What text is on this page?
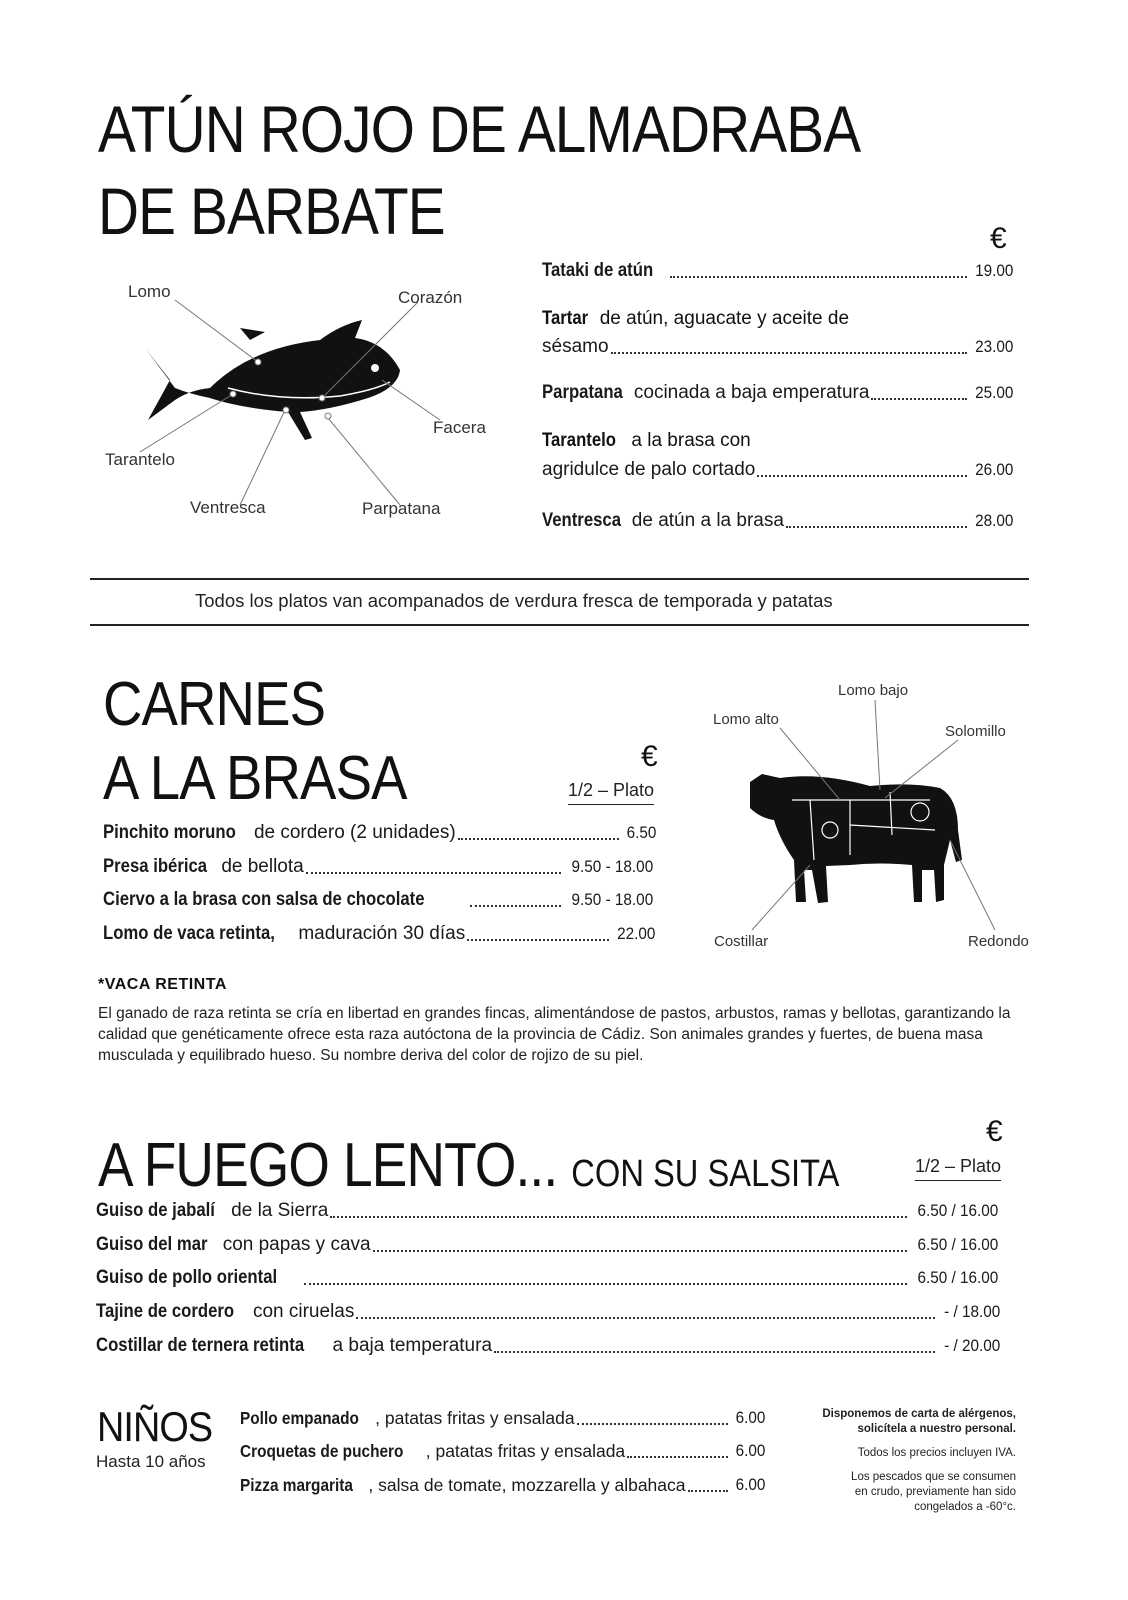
ATÚN ROJO DE ALMADRABA
DE BARBATE
Lomo	Corazón
Facera
Tarantelo
Ventresca	Parpatana
€
Tataki de atún	19.00
Tartar de atún, aguacate y aceite de
sésamo	23.00
Parpatana cocinada a baja emperatura	25.00
Tarantelo a la brasa con
agridulce de palo cortado	26.00
Ventresca de atún a la brasa	28.00
Todos los platos van acompanados de verdura fresca de temporada y patatas
CARNES
A LA BRASA	€
1/2 – Plato
Pinchito moruno de cordero (2 unidades)	6.50
Presa ibérica de bellota	9.50 - 18.00
Ciervo a la brasa con salsa de chocolate	9.50 - 18.00
Lomo de vaca retinta, maduración 30 días	22.00
Lomo bajo
Lomo alto
Solomillo
Costillar	Redondo
*VACA RETINTA
El ganado de raza retinta se cría en libertad en grandes fincas, alimentándose de pastos, arbustos, ramas y bellotas, garantizando la calidad que genéticamente ofrece esta raza autóctona de la provincia de Cádiz. Son animales grandes y fuertes, de buena masa musculada y equilibrado hueso. Su nombre deriva del color de rojizo de su piel.
A FUEGO LENTO... CON SU SALSITA
€
1/2 – Plato
Guiso de jabalí de la Sierra	6.50 / 16.00
Guiso del mar con papas y cava	6.50 / 16.00
Guiso de pollo oriental	6.50 / 16.00
Tajine de cordero con ciruelas	- / 18.00
Costillar de ternera retinta a baja temperatura	- / 20.00
NIÑOS
Hasta 10 años
Pollo empanado , patatas fritas y ensalada	6.00
Croquetas de puchero , patatas fritas y ensalada	6.00
Pizza margarita , salsa de tomate, mozzarella y albahaca	6.00
Disponemos de carta de alérgenos,
solicítela a nuestro personal.
Todos los precios incluyen IVA.
Los pescados que se consumen
en crudo, previamente han sido
congelados a -60°c.
